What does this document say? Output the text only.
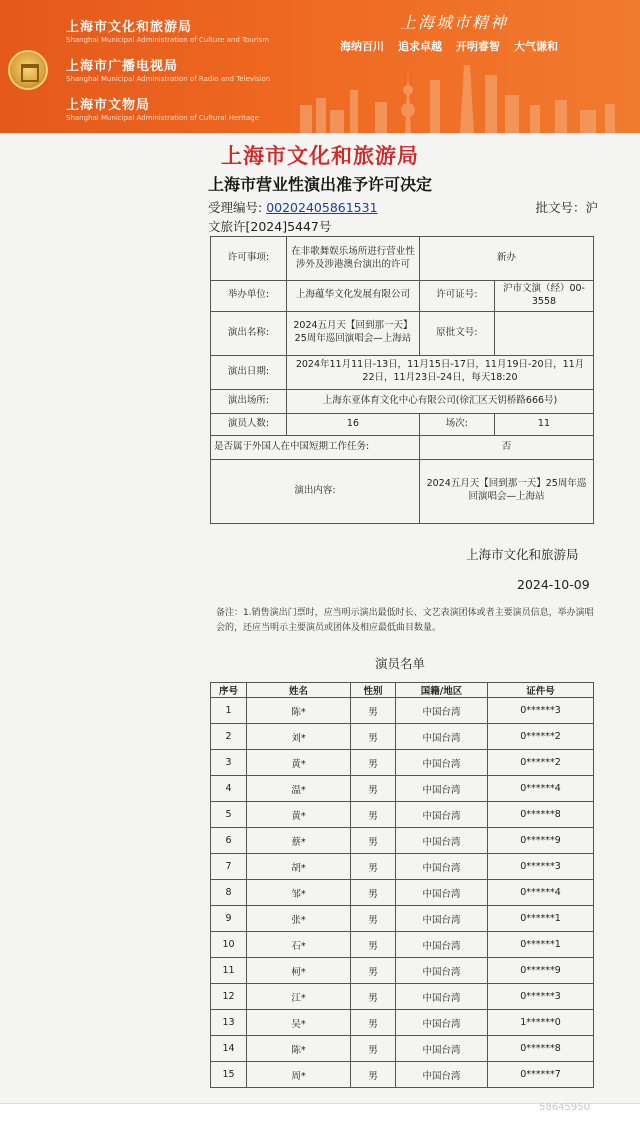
上海市文化和旅游局
Shanghai Municipal Administration of Culture and Tourism
上海市广播电视局
Shanghai Municipal Administration of Radio and Television
上海市文物局
Shanghai Municipal Administration of Cultural Heritage
上海城市精神
海纳百川 追求卓越 开明睿智 大气谦和
上海市文化和旅游局
上海市营业性演出准予许可决定
受理编号: 00202405861531	批文号：沪
文旅许[2024]5447号
许可事项:	在非歌舞娱乐场所进行营业性涉外及涉港澳台演出的许可	新办	
举办单位:	上海蕴华文化发展有限公司	许可证号:	沪市文演（经）00-3558
演出名称:	2024五月天【回到那一天】25周年巡回演唱会—上海站	原批文号:	
演出日期:	2024年11月11日-13日，11月15日-17日，11月19日-20日，11月22日，11月23日-24日，每天18:20		
演出场所:	上海东亚体育文化中心有限公司(徐汇区天钥桥路666号)		
演员人数:	16	场次:	11
是否属于外国人在中国短期工作任务:		否	
演出内容:		2024五月天【回到那一天】25周年巡回演唱会—上海站	
上海市文化和旅游局
2024-10-09
备注：1.销售演出门票时，应当明示演出最低时长、文艺表演团体或者主要演员信息，举办演唱会的，还应当明示主要演员或团体及相应最低曲目数量。
演员名单
序号	姓名	性别	国籍/地区	证件号
1	陈*	男	中国台湾	0******3
2	刘*	男	中国台湾	0******2
3	黄*	男	中国台湾	0******2
4	温*	男	中国台湾	0******4
5	黄*	男	中国台湾	0******8
6	蔡*	男	中国台湾	0******9
7	胡*	男	中国台湾	0******3
8	邹*	男	中国台湾	0******4
9	张*	男	中国台湾	0******1
10	石*	男	中国台湾	0******1
11	柯*	男	中国台湾	0******9
12	江*	男	中国台湾	0******3
13	吴*	男	中国台湾	1******0
14	陈*	男	中国台湾	0******8
15	周*	男	中国台湾	0******7
58645950
